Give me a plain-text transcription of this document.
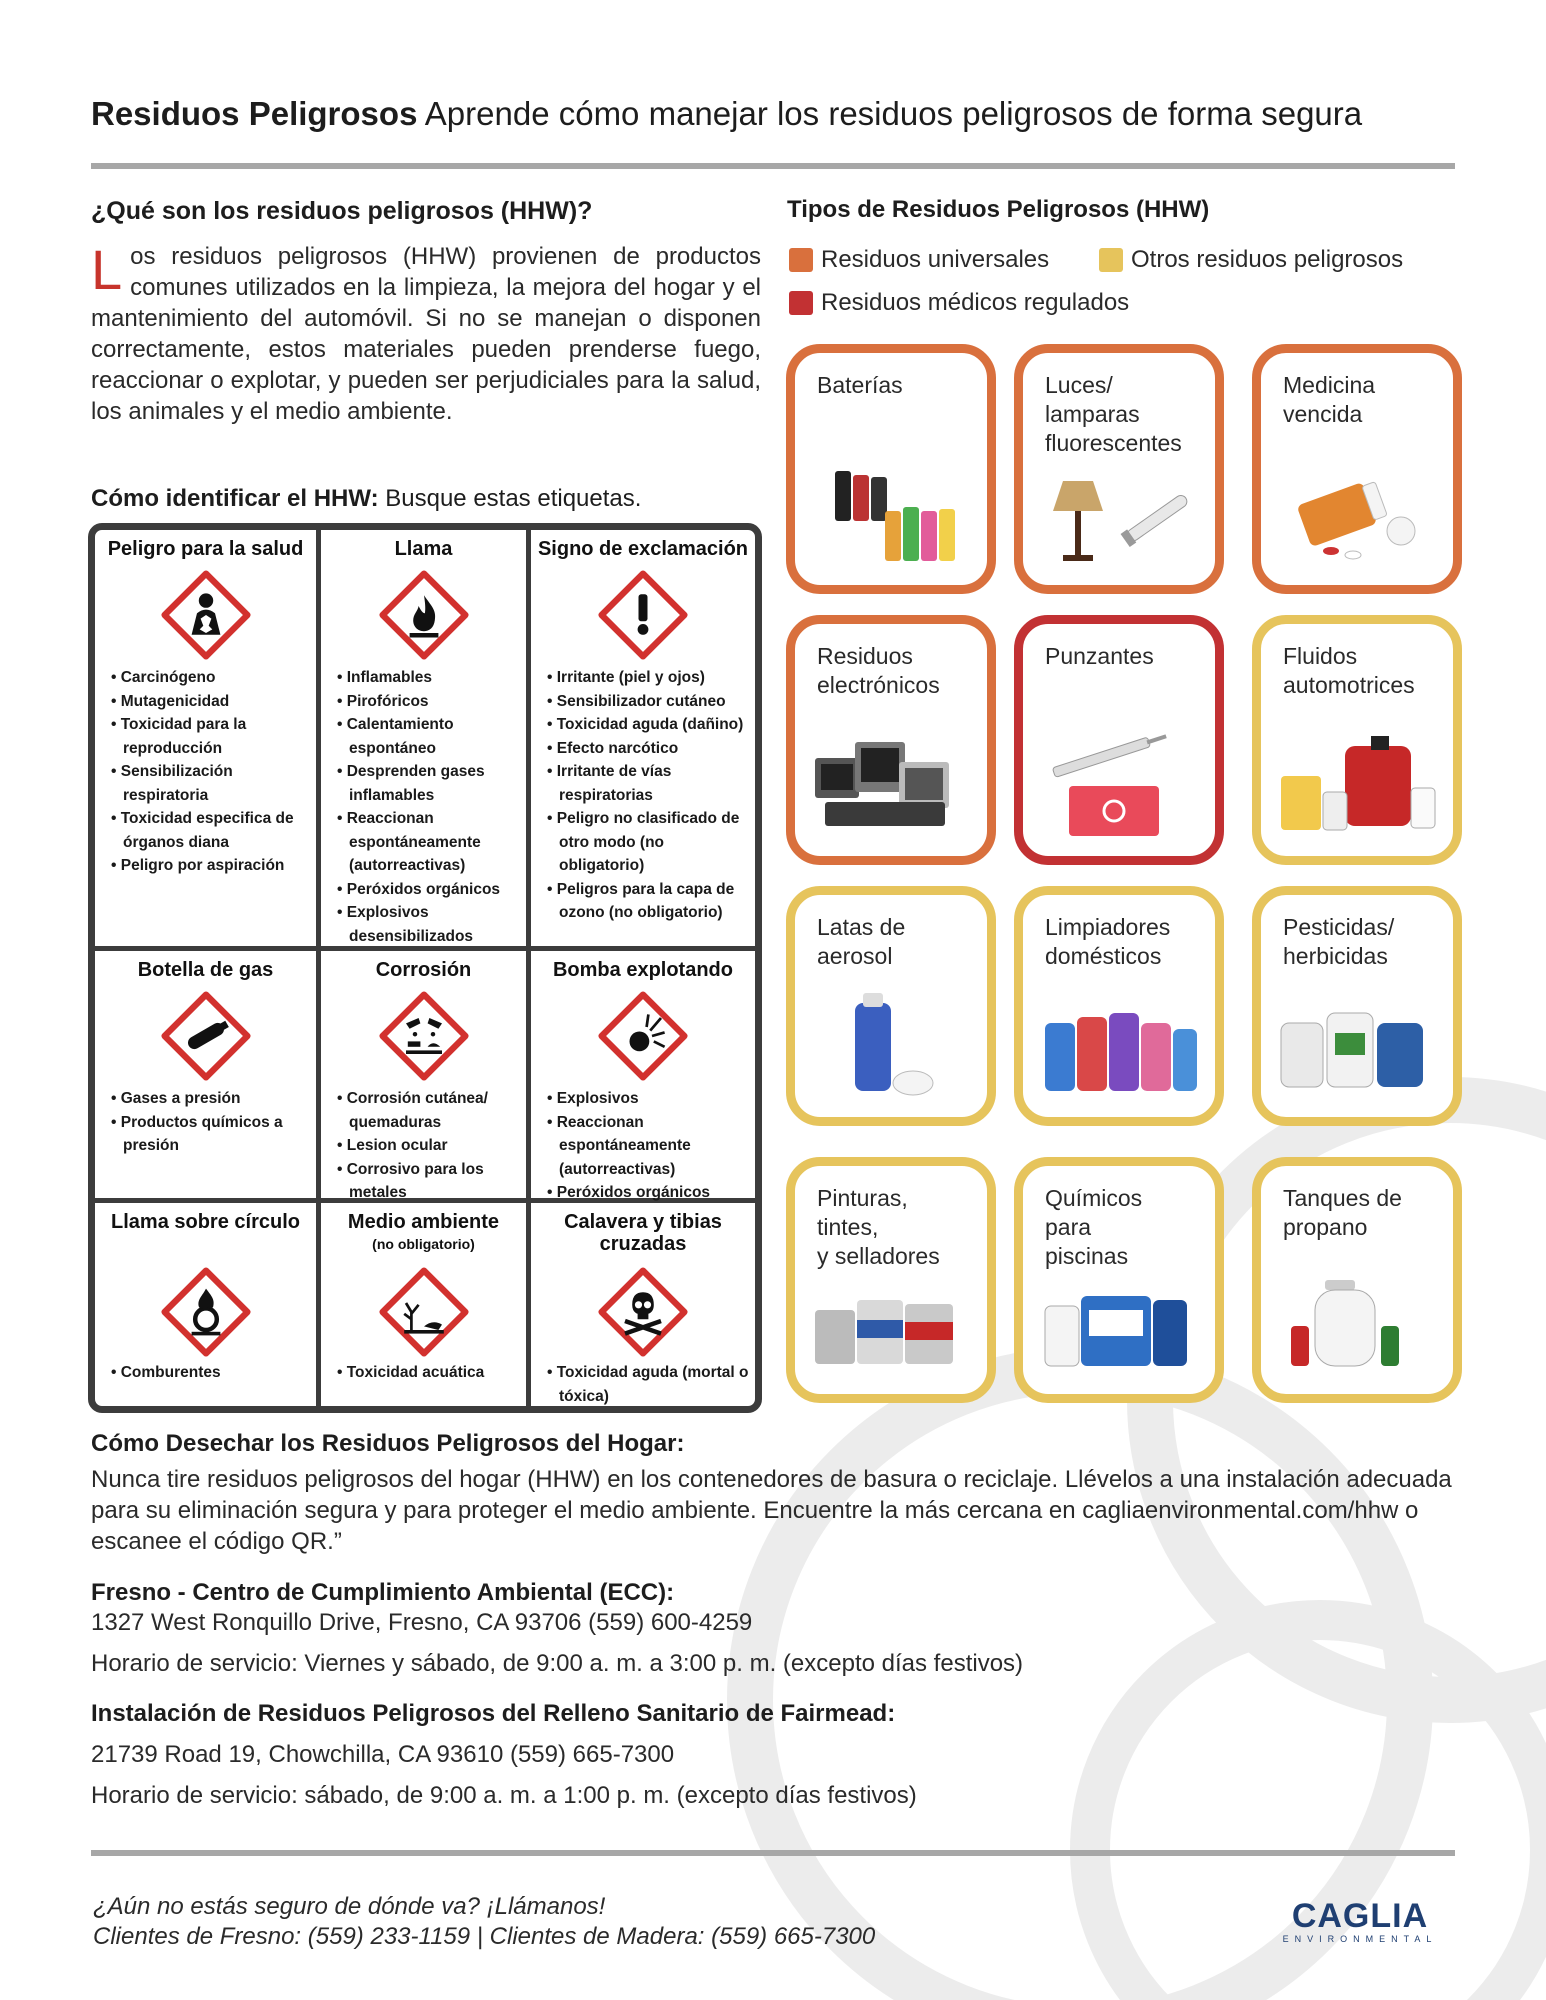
Residuos Peligrosos Aprende cómo manejar los residuos peligrosos de forma segura
¿Qué son los residuos peligrosos (HHW)?
Los residuos peligrosos (HHW) provienen de productos comunes utilizados en la limpieza, la mejora del hogar y el mantenimiento del automóvil. Si no se manejan o disponen correctamente, estos materiales pueden prenderse fuego, reaccionar o explotar, y pueden ser perjudiciales para la salud, los animales y el medio ambiente.
Cómo identificar el HHW: Busque estas etiquetas.
Peligro para la salud
• Carcinógeno
• Mutagenicidad
• Toxicidad para la reproducción
• Sensibilización respiratoria
• Toxicidad especifica de órganos diana
• Peligro por aspiración
Llama
• Inflamables
• Pirofóricos
• Calentamiento espontáneo
• Desprenden gases inflamables
• Reaccionan espontáneamente (autorreactivas)
• Peróxidos orgánicos
• Explosivos desensibilizados
Signo de exclamación
• Irritante (piel y ojos)
• Sensibilizador cutáneo
• Toxicidad aguda (dañino)
• Efecto narcótico
• Irritante de vías respiratorias
• Peligro no clasificado de otro modo (no obligatorio)
• Peligros para la capa de ozono (no obligatorio)
Botella de gas
• Gases a presión
• Productos químicos a presión
Corrosión
• Corrosión cutánea/ quemaduras
• Lesion ocular
• Corrosivo para los metales
Bomba explotando
• Explosivos
• Reaccionan espontáneamente (autorreactivas)
• Peróxidos orgánicos
Llama sobre círculo
• Comburentes
Medio ambiente
(no obligatorio)
• Toxicidad acuática
Calavera y tibias cruzadas
• Toxicidad aguda (mortal o tóxica)
Tipos de Residuos Peligrosos (HHW)
Residuos universales	Otros residuos peligrosos
Residuos médicos regulados
Baterías	Luces/
lamparas
fluorescentes
Medicina
vencida
Residuos
electrónicos
Punzantes	Fluidos
automotrices
Latas de
aerosol
Limpiadores
domésticos
Pesticidas/
herbicidas
Pinturas,
tintes,
y selladores
Químicos
para
piscinas
Tanques de
propano
Cómo Desechar los Residuos Peligrosos del Hogar:
Nunca tire residuos peligrosos del hogar (HHW) en los contenedores de basura o reciclaje. Llévelos a una instalación adecuada para su eliminación segura y para proteger el medio ambiente. Encuentre la más cercana en cagliaenvironmental.com/hhw o escanee el código QR.”
Fresno - Centro de Cumplimiento Ambiental (ECC):
1327 West Ronquillo Drive, Fresno, CA 93706 (559) 600-4259
Horario de servicio: Viernes y sábado, de 9:00 a. m. a 3:00 p. m. (excepto días festivos)
Instalación de Residuos Peligrosos del Relleno Sanitario de Fairmead:
21739 Road 19, Chowchilla, CA 93610 (559) 665-7300
Horario de servicio: sábado, de 9:00 a. m. a 1:00 p. m. (excepto días festivos)
¿Aún no estás seguro de dónde va? ¡Llámanos!
Clientes de Fresno: (559) 233-1159 | Clientes de Madera: (559) 665-7300
CAGLIA
ENVIRONMENTAL
